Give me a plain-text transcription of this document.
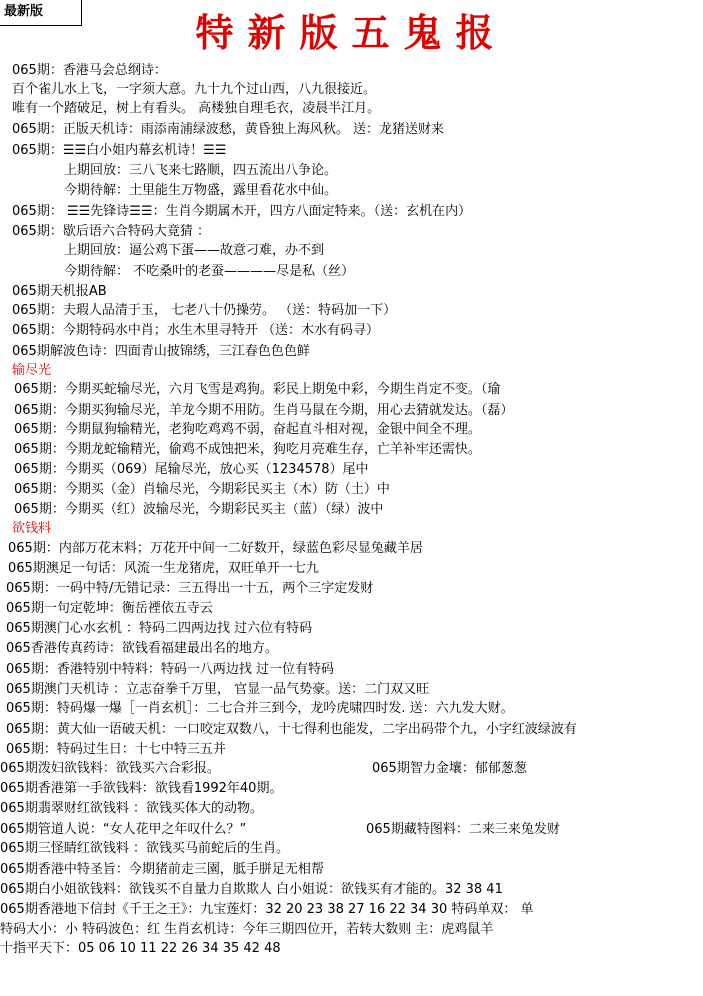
最新版	特新版五鬼报
065期：香港马会总纲诗：
百个雀儿水上飞，一字须大意。九十九个过山西，八九很接近。
唯有一个踏破足，树上有看头。 高楼独自理毛衣，凌晨半江月。
065期：正版天机诗：雨添南浦绿波愁，黄昏独上海风秋。 送：龙猪送财来
065期：☰☰白小姐内幕玄机诗！☰☰
上期回放：三八飞来七路顺，四五流出八争论。
今期待解：土里能生万物盛，露里看花水中仙。
065期： ☰☰先锋诗☰☰：生肖今期属木开，四方八面定特来。（送：玄机在内）
065期：歇后语六合特码大竟猜 ：
上期回放：逼公鸡下蛋——故意刁难，办不到
今期待解： 不吃桑叶的老蚕————尽是私（丝）
065期天机报AB
065期：夫瑕人品清于玉， 七老八十仍操劳。 （送：特码加一下）
065期：今期特码水中肖；水生木里寻特开 （送：木水有码寻）
065期解波色诗：四面青山披锦绣，三江春色色色鲜
输尽光
065期：今期买蛇输尽光，六月飞雪是鸡狗。彩民上期兔中彩，今期生肖定不变。（瑜
065期：今期买狗输尽光，羊龙今期不用防。生肖马鼠在今期，用心去猜就发达。（磊）
065期：今期鼠狗输精光，老狗吃鸡鸡不弱，奋起直斗相对视，金银中间全不理。
065期：今期龙蛇输精光，偷鸡不成蚀把米，狗吃月亮难生存，亡羊补牢还需快。
065期：今期买（069）尾输尽光，放心买（1234578）尾中
065期：今期买（金）肖输尽光，今期彩民买主（木）防（土）中
065期：今期买（红）波输尽光，今期彩民买主（蓝）（绿）波中
欲钱料
065期：内部万花末料；万花开中间一二好数开，绿蓝色彩尽显兔藏羊居
065期澳足一句话：风流一生龙猪虎，双旺单开一七九
065期：一码中特/无错记录：三五得出一十五，两个三字定发财
065期一句定乾坤：衡岳禋依五寺云
065期澳门心水玄机 ：特码二四两边找 过六位有特码
065香港传真药诗：欲钱看福建最出名的地方。
065期：香港特别中特料：特码一八两边找 过一位有特码
065期澳门天机诗 ：立志奋拳千万里， 官显一品气势豪。送：二门双又旺
065期：特码爆一爆［一肖玄机］：二七合并三到今，龙吟虎啸四时发. 送：六九发大财。
065期：黄大仙一语破天机：一口咬定双数八，十七得利也能发，二字出码带个九，小字红波绿波有
065期：特码过生日：十七中特三五并
065期泼妇欲钱料：欲钱买六合彩报。	065期智力金壤：郁郁葱葱
065期香港第一手欲钱料：欲钱看1992年40期。
065期翡翠财红欲钱料 ：欲钱买体大的动物。
065期管道人说：“女人花甲之年叹什么？”	065期藏特图料：二来三来兔发财
065期三怪睛红欲钱料 ：欲钱买马前蛇后的生肖。
065期香港中特圣旨：今期猪前走三園，胝手胼足无相帮
065期白小姐欲钱料：欲钱买不自量力自欺欺人 白小姐说：欲钱买有才能的。32 38 41
065期香港地下信封《千王之王》：九宝莲灯：32 20 23 38 27 16 22 34 30 特码单双： 单
特码大小：小 特码波色：红 生肖玄机诗：今年三期四位开，若转大数则 主：虎鸡鼠羊
十指平天下：05 06 10 11 22 26 34 35 42 48
